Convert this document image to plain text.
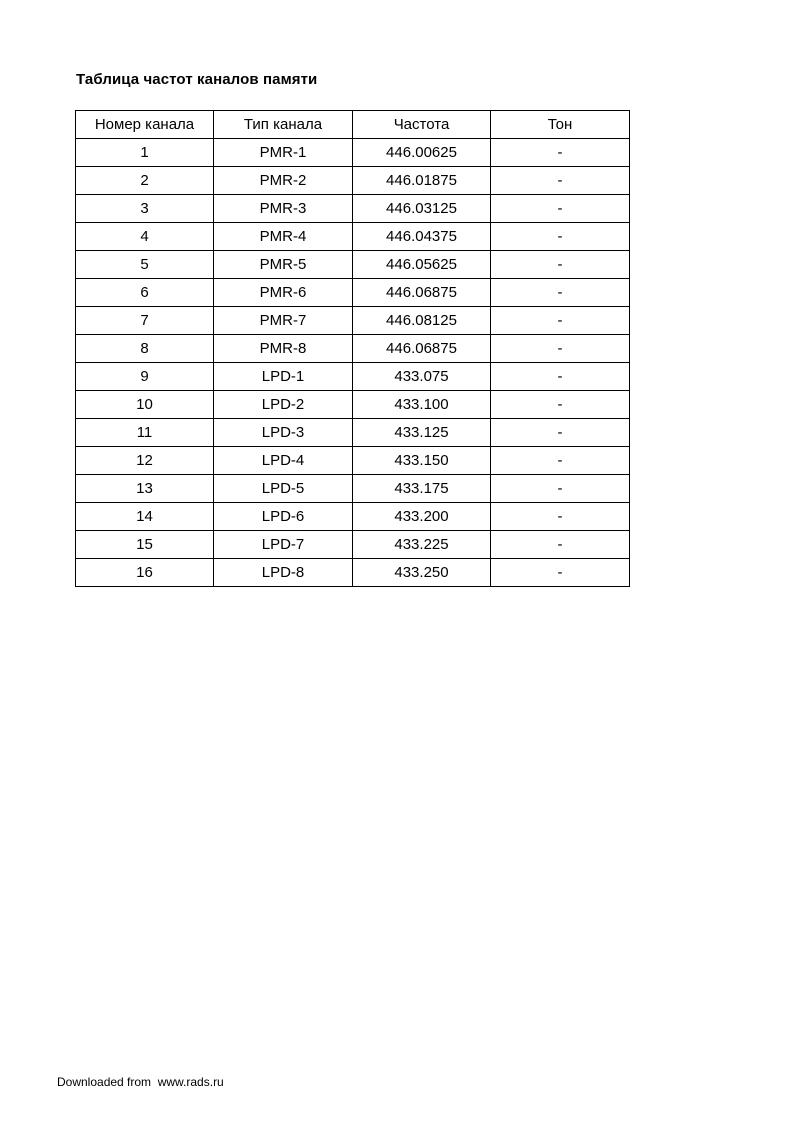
Таблица частот каналов памяти
Номер канала	Тип канала	Частота	Тон
1	PMR-1	446.00625	-
2	PMR-2	446.01875	-
3	PMR-3	446.03125	-
4	PMR-4	446.04375	-
5	PMR-5	446.05625	-
6	PMR-6	446.06875	-
7	PMR-7	446.08125	-
8	PMR-8	446.06875	-
9	LPD-1	433.075	-
10	LPD-2	433.100	-
11	LPD-3	433.125	-
12	LPD-4	433.150	-
13	LPD-5	433.175	-
14	LPD-6	433.200	-
15	LPD-7	433.225	-
16	LPD-8	433.250	-
Downloaded from  www.rads.ru
